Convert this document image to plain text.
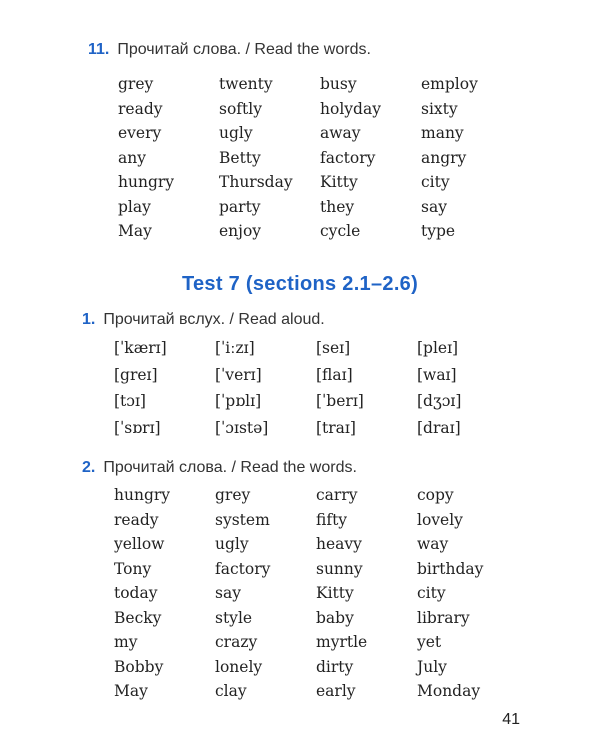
11. Прочитай слова. / Read the words.
grey	twenty	busy	employ
ready	softly	holyday	sixty
every	ugly	away	many
any	Betty	factory	angry
hungry	Thursday	Kitty	city
play	party	they	say
May	enjoy	cycle	type
Test 7 (sections 2.1–2.6)
1. Прочитай вслух. / Read aloud.
[ˈkærɪ]	[ˈiːzɪ]	[seɪ]	[pleɪ]
[greɪ]	[ˈverɪ]	[flaɪ]	[waɪ]
[tɔɪ]	[ˈpɒlɪ]	[ˈberɪ]	[dʒɔɪ]
[ˈsɒrɪ]	[ˈɔɪstə]	[traɪ]	[draɪ]
2. Прочитай слова. / Read the words.
hungry	grey	carry	copy
ready	system	fifty	lovely
yellow	ugly	heavy	way
Tony	factory	sunny	birthday
today	say	Kitty	city
Becky	style	baby	library
my	crazy	myrtle	yet
Bobby	lonely	dirty	July
May	clay	early	Monday
41
